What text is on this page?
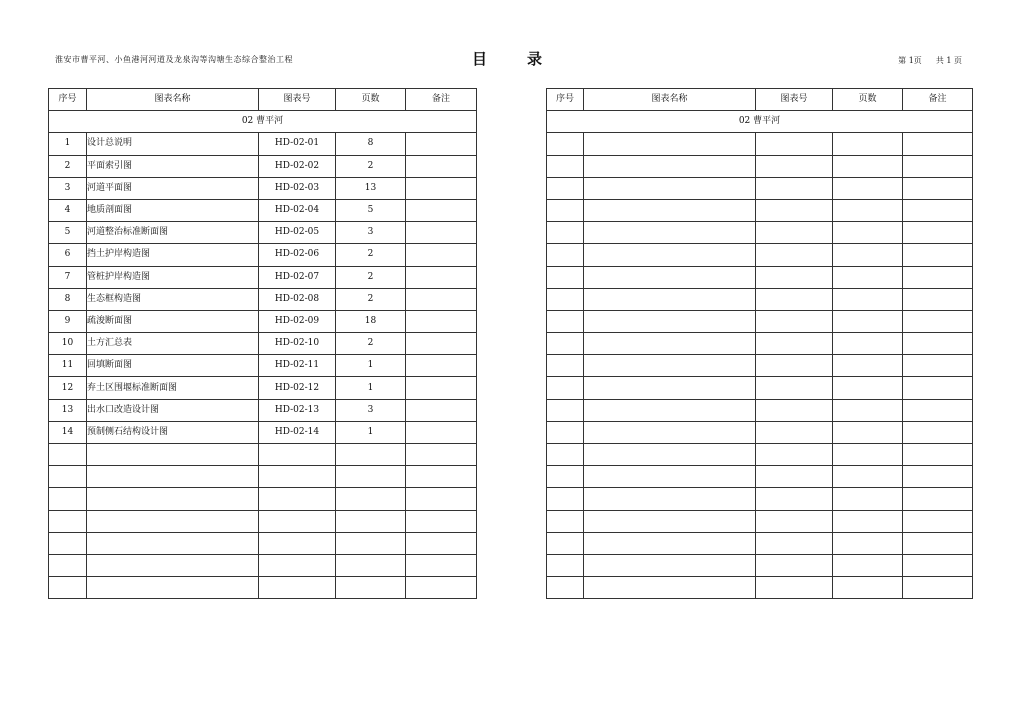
淮安市曹平河、小鱼港河河道及龙泉沟等沟塘生态综合整治工程	目	录	第 1页 共 1 页
序号	图表名称	图表号	页数	备注
02 曹平河				
1	设计总说明	HD-02-01	8	
2	平面索引图	HD-02-02	2	
3	河道平面图	HD-02-03	13	
4	地质剖面图	HD-02-04	5	
5	河道整治标准断面图	HD-02-05	3	
6	挡土护岸构造图	HD-02-06	2	
7	管桩护岸构造图	HD-02-07	2	
8	生态框构造图	HD-02-08	2	
9	疏浚断面图	HD-02-09	18	
10	土方汇总表	HD-02-10	2	
11	回填断面图	HD-02-11	1	
12	弃土区围堰标准断面图	HD-02-12	1	
13	出水口改造设计图	HD-02-13	3	
14	预制侧石结构设计图	HD-02-14	1	

序号	图表名称	图表号	页数	备注
02 曹平河				
